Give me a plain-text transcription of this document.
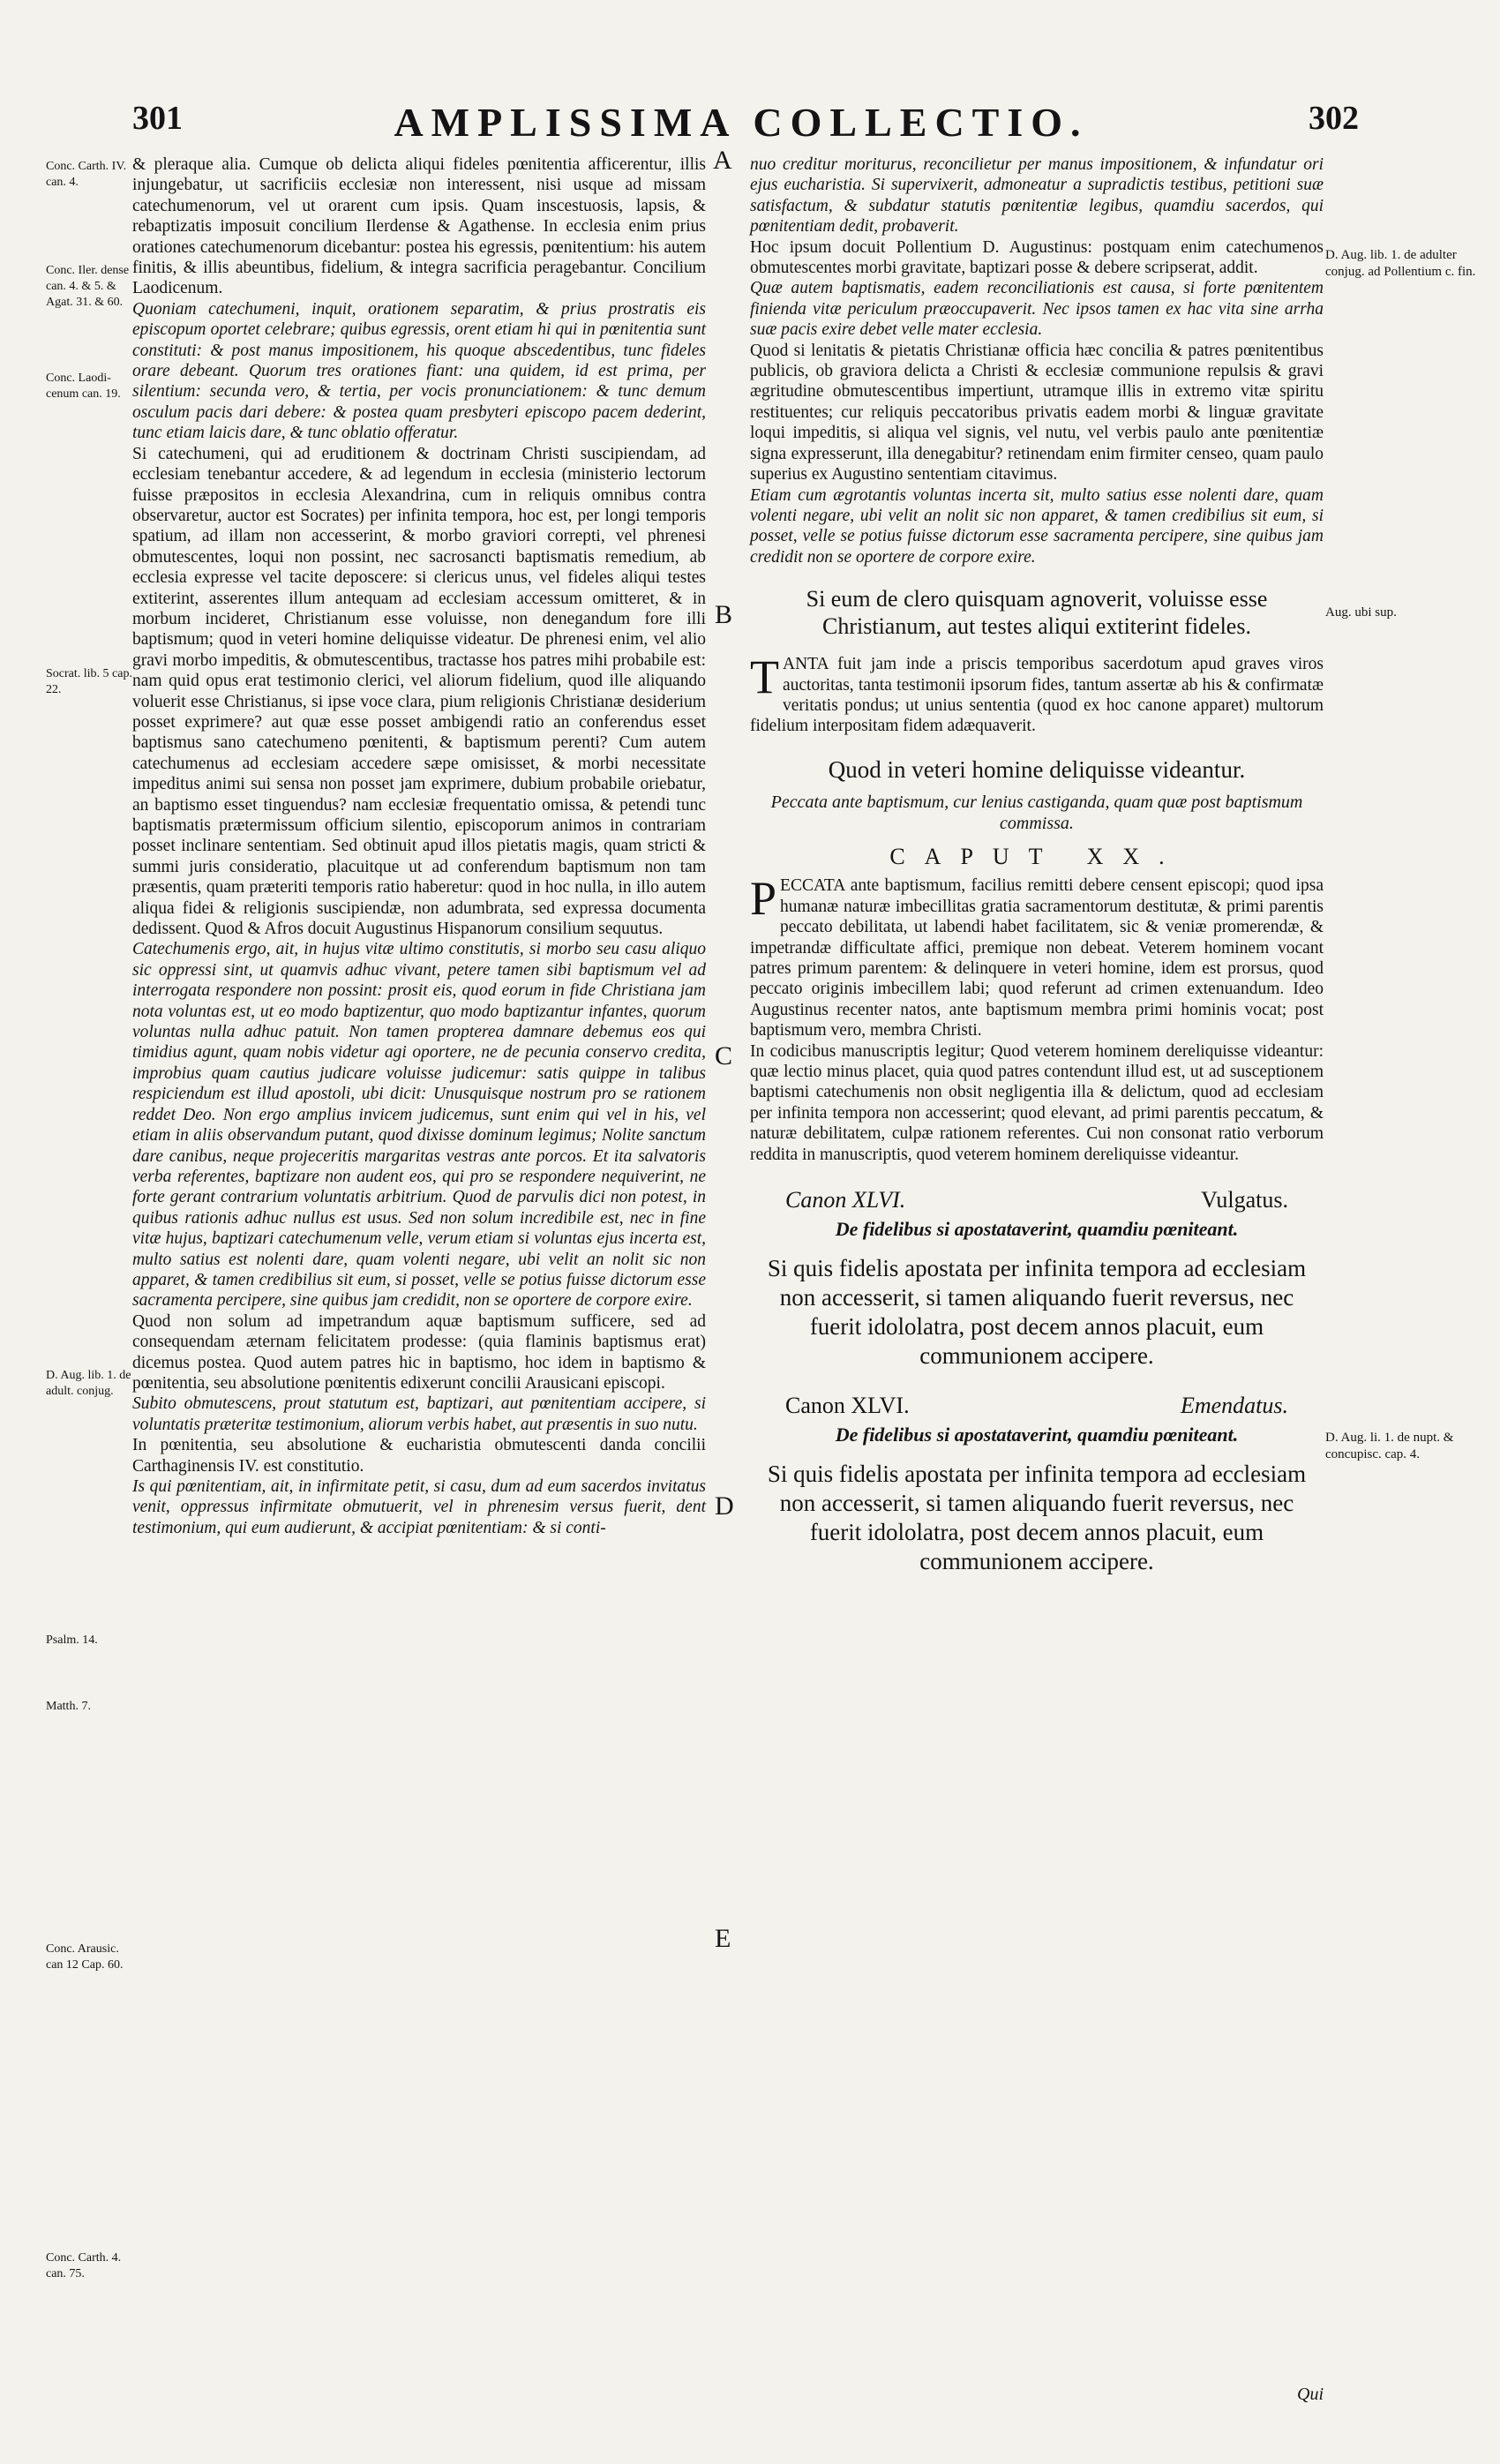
301	AMPLISSIMA COLLECTIO.	302
Conc. Carth. IV. can. 4.
Conc. Iler. dense can. 4. & 5. & Agat. 31. & 60.
Conc. Laodi- cenum can. 19.
Socrat. lib. 5 cap. 22.
D. Aug. lib. 1. de adult. conjug.
Psalm. 14.
Matth. 7.
Conc. Arausic. can 12 Cap. 60.
Conc. Carth. 4. can. 75.
A
B
C
D
E

& pleraque alia. Cumque ob delicta aliqui fideles pœnitentia afficerentur, illis injungebatur, ut sacrificiis ecclesiæ non interessent, nisi usque ad missam catechumenorum, vel ut orarent cum ipsis. Quam inscestuosis, lapsis, & rebaptizatis imposuit concilium Ilerdense & Agathense. In ecclesia enim prius orationes catechumenorum dicebantur: postea his egressis, pœnitentium: his autem finitis, & illis abeuntibus, fidelium, & integra sacrificia peragebantur. Concilium Laodicenum.

Quoniam catechumeni, inquit, orationem separatim, & prius prostratis eis episcopum oportet celebrare; quibus egressis, orent etiam hi qui in pœnitentia sunt constituti: & post manus impositionem, his quoque abscedentibus, tunc fideles orare debeant. Quorum tres orationes fiant: una quidem, id est prima, per silentium: secunda vero, & tertia, per vocis pronunciationem: & tunc demum osculum pacis dari debere: & postea quam presbyteri episcopo pacem dederint, tunc etiam laicis dare, & tunc oblatio offeratur.

Si catechumeni, qui ad eruditionem & doctrinam Christi suscipiendam, ad ecclesiam tenebantur accedere, & ad legendum in ecclesia (ministerio lectorum fuisse præpositos in ecclesia Alexandrina, cum in reliquis omnibus contra observaretur, auctor est Socrates) per infinita tempora, hoc est, per longi temporis spatium, ad illam non accesserint, & morbo graviori correpti, vel phrenesi obmutescentes, loqui non possint, nec sacrosancti baptismatis remedium, ab ecclesia expresse vel tacite deposcere: si clericus unus, vel fideles aliqui testes extiterint, asserentes illum antequam ad ecclesiam accessum omitteret, & in morbum incideret, Christianum esse voluisse, non denegandum fore illi baptismum; quod in veteri homine deliquisse videatur. De phrenesi enim, vel alio gravi morbo impeditis, & obmutescentibus, tractasse hos patres mihi probabile est: nam quid opus erat testimonio clerici, vel aliorum fidelium, quod ille aliquando voluerit esse Christianus, si ipse voce clara, pium religionis Christianæ desiderium posset exprimere? aut quæ esse posset ambigendi ratio an conferendus esset baptismus sano catechumeno pœnitenti, & baptismum perenti? Cum autem catechumenus ad ecclesiam accedere sæpe omisisset, & morbi necessitate impeditus animi sui sensa non posset jam exprimere, dubium probabile oriebatur, an baptismo esset tinguendus? nam ecclesiæ frequentatio omissa, & petendi tunc baptismatis prætermissum officium silentio, episcoporum animos in contrariam posset inclinare sententiam. Sed obtinuit apud illos pietatis magis, quam stricti & summi juris consideratio, placuitque ut ad conferendum baptismum non tam præsentis, quam præteriti temporis ratio haberetur: quod in hoc nulla, in illo autem aliqua fidei & religionis suscipiendæ, non adumbrata, sed expressa documenta dedissent. Quod & Afros docuit Augustinus Hispanorum consilium sequutus.

Catechumenis ergo, ait, in hujus vitæ ultimo constitutis, si morbo seu casu aliquo sic oppressi sint, ut quamvis adhuc vivant, petere tamen sibi baptismum vel ad interrogata respondere non possint: prosit eis, quod eorum in fide Christiana jam nota voluntas est, ut eo modo baptizentur, quo modo baptizantur infantes, quorum voluntas nulla adhuc patuit. Non tamen propterea damnare debemus eos qui timidius agunt, quam nobis videtur agi oportere, ne de pecunia conservo credita, improbius quam cautius judicare voluisse judicemur: satis quippe in talibus respiciendum est illud apostoli, ubi dicit: Unusquisque nostrum pro se rationem reddet Deo. Non ergo amplius invicem judicemus, sunt enim qui vel in his, vel etiam in aliis observandum putant, quod dixisse dominum legimus; Nolite sanctum dare canibus, neque projeceritis margaritas vestras ante porcos. Et ita salvatoris verba referentes, baptizare non audent eos, qui pro se respondere nequiverint, ne forte gerant contrarium voluntatis arbitrium. Quod de parvulis dici non potest, in quibus rationis adhuc nullus est usus. Sed non solum incredibile est, nec in fine vitæ hujus, baptizari catechumenum velle, verum etiam si voluntas ejus incerta est, multo satius est nolenti dare, quam volenti negare, ubi velit an nolit sic non apparet, & tamen credibilius sit eum, si posset, velle se potius fuisse dictorum esse sacramenta percipere, sine quibus jam credidit, non se oportere de corpore exire.

Quod non solum ad impetrandum aquæ baptismum sufficere, sed ad consequendam æternam felicitatem prodesse: (quia flaminis baptismus erat) dicemus postea. Quod autem patres hic in baptismo, hoc idem in baptismo & pœnitentia, seu absolutione pœnitentis edixerunt concilii Arausicani episcopi.

Subito obmutescens, prout statutum est, baptizari, aut pœnitentiam accipere, si voluntatis præteritæ testimonium, aliorum verbis habet, aut præsentis in suo nutu.

In pœnitentia, seu absolutione & eucharistia obmutescenti danda concilii Carthaginensis IV. est constitutio.

Is qui pœnitentiam, ait, in infirmitate petit, si casu, dum ad eum sacerdos invitatus venit, oppressus infirmitate obmutuerit, vel in phrenesim versus fuerit, dent testimonium, qui eum audierunt, & accipiat pœnitentiam: & si conti-

nuo creditur moriturus, reconcilietur per manus impositionem, & infundatur ori ejus eucharistia. Si supervixerit, admoneatur a supradictis testibus, petitioni suæ satisfactum, & subdatur statutis pœnitentiæ legibus, quamdiu sacerdos, qui pœnitentiam dedit, probaverit.

Hoc ipsum docuit Pollentium D. Augustinus: postquam enim catechumenos obmutescentes morbi gravitate, baptizari posse & debere scripserat, addit.

Quæ autem baptismatis, eadem reconciliationis est causa, si forte pœnitentem finienda vitæ periculum præoccupaverit. Nec ipsos tamen ex hac vita sine arrha suæ pacis exire debet velle mater ecclesia.

Quod si lenitatis & pietatis Christianæ officia hæc concilia & patres pœnitentibus publicis, ob graviora delicta a Christi & ecclesiæ communione repulsis & gravi ægritudine obmutescentibus impertiunt, utramque illis in extremo vitæ spiritu restituentes; cur reliquis peccatoribus privatis eadem morbi & linguæ gravitate loqui impeditis, si aliqua vel signis, vel nutu, vel verbis paulo ante pœnitentiæ signa expresserunt, illa denegabitur? retinendam enim firmiter censeo, quam paulo superius ex Augustino sententiam citavimus.

Etiam cum ægrotantis voluntas incerta sit, multo satius esse nolenti dare, quam volenti negare, ubi velit an nolit sic non apparet, & tamen credibilius sit eum, si posset, velle se potius fuisse dictorum esse sacramenta percipere, sine quibus jam credidit non se oportere de corpore exire.

Si eum de clero quisquam agnoverit, voluisse esse Christianum, aut testes aliqui extiterint fideles.

TANTA fuit jam inde a priscis temporibus sacerdotum apud graves viros auctoritas, tanta testimonii ipsorum fides, tantum assertæ ab his & confirmatæ veritatis pondus; ut unius sententia (quod ex hoc canone apparet) multorum fidelium interpositam fidem adæquaverit.

Quod in veteri homine deliquisse videantur.
Peccata ante baptismum, cur lenius castiganda, quam quæ post baptismum commissa.
CAPUT XX.

PECCATA ante baptismum, facilius remitti debere censent episcopi; quod ipsa humanæ naturæ imbecillitas gratia sacramentorum destitutæ, & primi parentis peccato debilitata, ut labendi habet facilitatem, sic & veniæ promerendæ, & impetrandæ difficultate affici, premique non debeat. Veterem hominem vocant patres primum parentem: & delinquere in veteri homine, idem est prorsus, quod peccato originis imbecillem labi; quod referunt ad crimen extenuandum. Ideo Augustinus recenter natos, ante baptismum membra primi hominis vocat; post baptismum vero, membra Christi.

In codicibus manuscriptis legitur; Quod veterem hominem dereliquisse videantur: quæ lectio minus placet, quia quod patres contendunt illud est, ut ad susceptionem baptismi catechumenis non obsit negligentia illa & delictum, quod ad ecclesiam per infinita tempora non accesserint; quod elevant, ad primi parentis peccatum, & naturæ debilitatem, culpæ rationem referentes. Cui non consonat ratio verborum reddita in manuscriptis, quod veterem hominem dereliquisse videantur.

Canon XLVI.	Vulgatus.
De fidelibus si apostataverint, quamdiu pœniteant.
Si quis fidelis apostata per infinita tempora ad ecclesiam non accesserit, si tamen aliquando fuerit reversus, nec fuerit idololatra, post decem annos placuit, eum communionem accipere.
Canon XLVI.	Emendatus.
De fidelibus si apostataverint, quamdiu pœniteant.
Si quis fidelis apostata per infinita tempora ad ecclesiam non accesserit, si tamen aliquando fuerit reversus, nec fuerit idololatra, post decem annos placuit, eum communionem accipere.
Qui
D. Aug. lib. 1. de adulter conjug. ad Pollentium c. fin.
Aug. ubi sup.
D. Aug. li. 1. de nupt. & concupisc. cap. 4.
